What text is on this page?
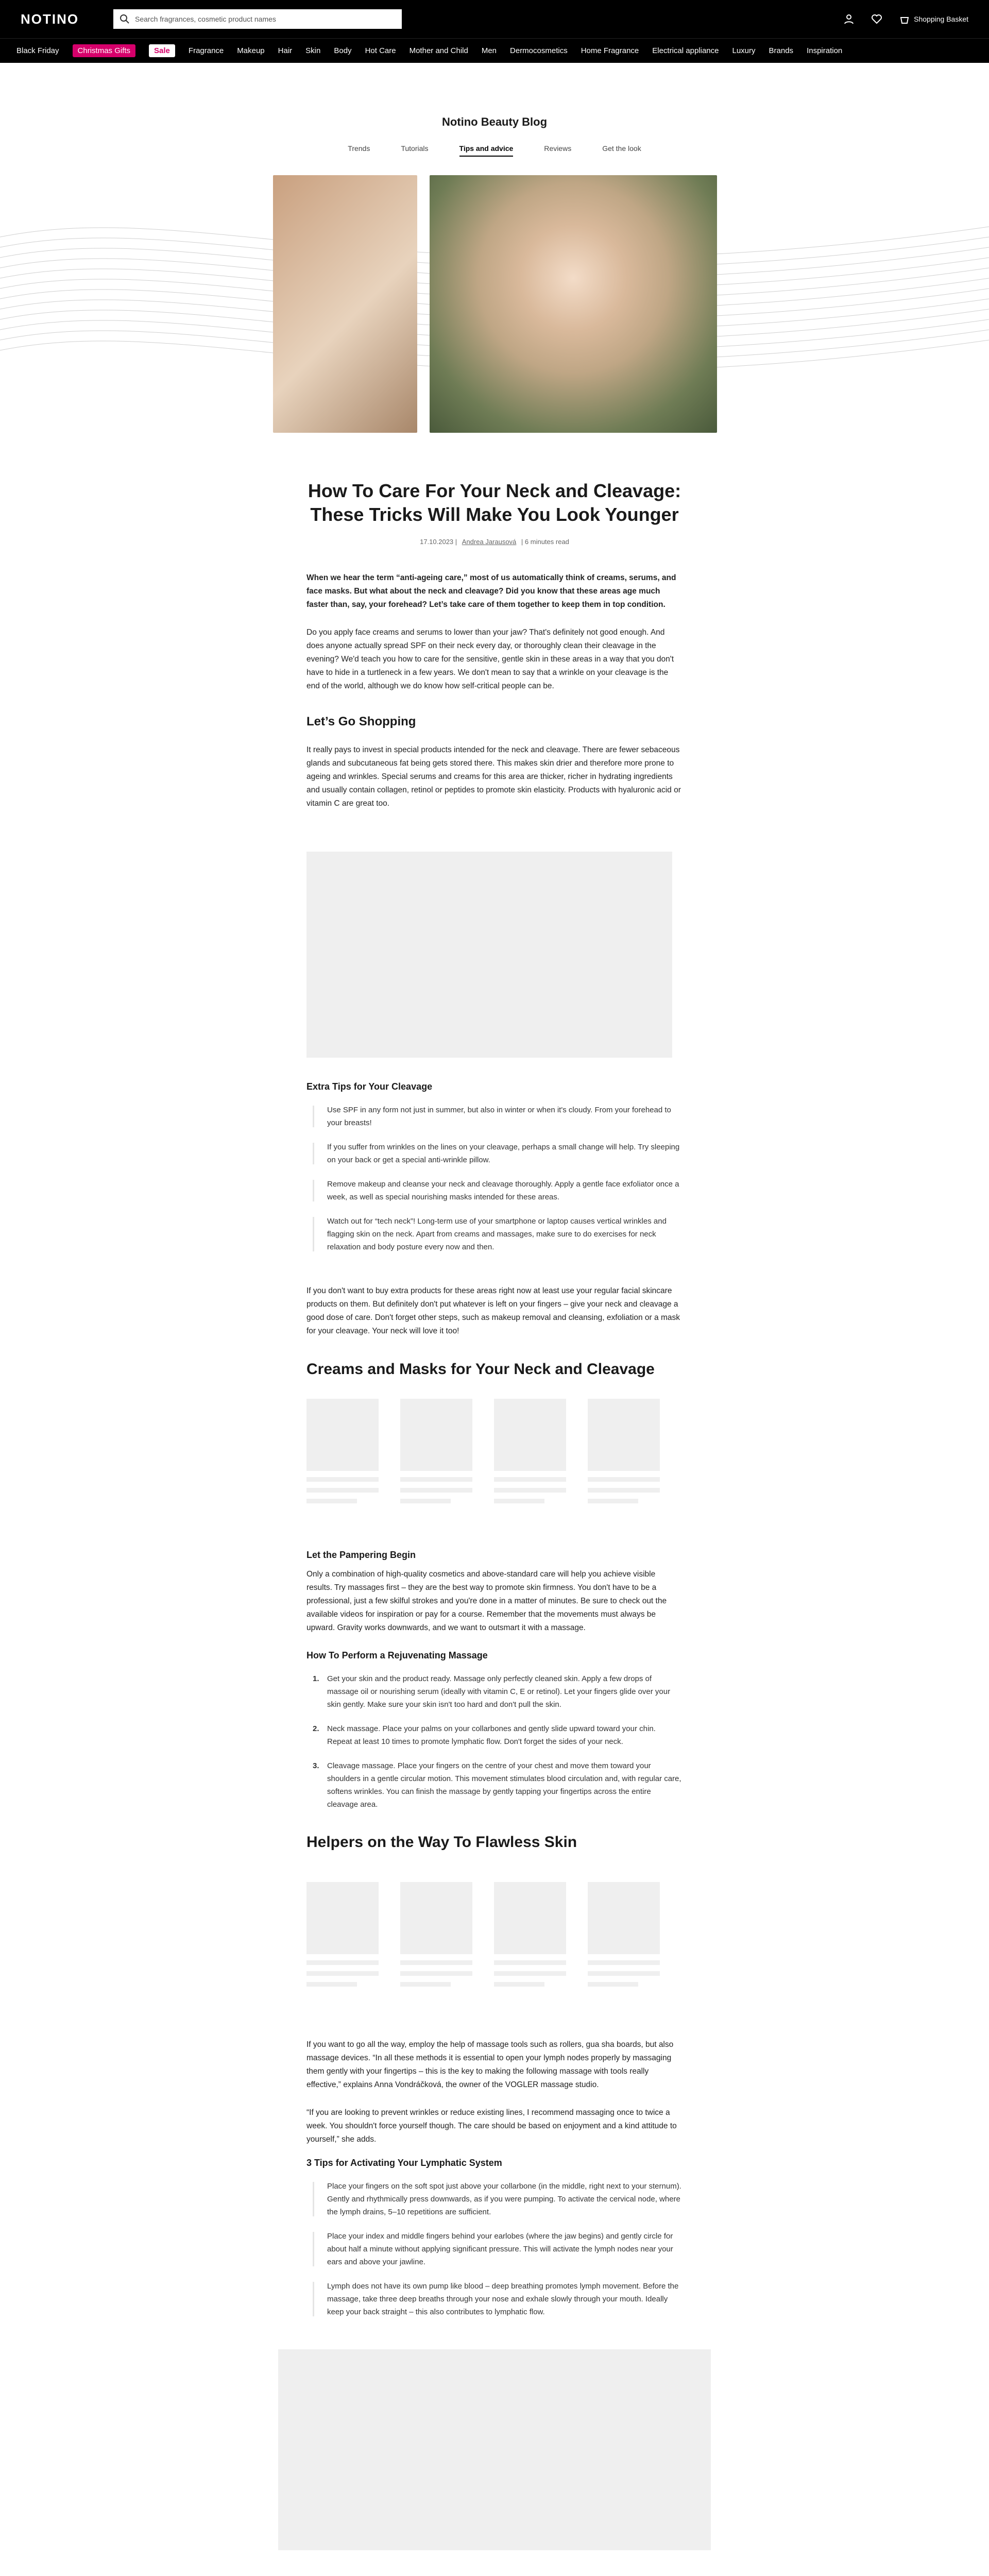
NOTINO	Search fragrances, cosmetic product names	Shopping Basket
Black Friday	Christmas Gifts	Sale	Fragrance Makeup Hair Skin Body Hot Care Mother and Child Men Dermocosmetics Home Fragrance Electrical appliance Luxury Brands Inspiration
Notino Beauty Blog
Trends	Tutorials	Tips and advice	Reviews	Get the look
How To Care For Your Neck and Cleavage: These Tricks Will Make You Look Younger
17.10.2023 | Andrea Jarausová | 6 minutes read

When we hear the term “anti-ageing care,” most of us automatically think of creams, serums, and face masks. But what about the neck and cleavage? Did you know that these areas age much faster than, say, your forehead? Let’s take care of them together to keep them in top condition.

Do you apply face creams and serums to lower than your jaw? That's definitely not good enough. And does anyone actually spread SPF on their neck every day, or thoroughly clean their cleavage in the evening? We'd teach you how to care for the sensitive, gentle skin in these areas in a way that you don't have to hide in a turtleneck in a few years. We don't mean to say that a wrinkle on your cleavage is the end of the world, although we do know how self-critical people can be.

Let’s Go Shopping

It really pays to invest in special products intended for the neck and cleavage. There are fewer sebaceous glands and subcutaneous fat being gets stored there. This makes skin drier and therefore more prone to ageing and wrinkles. Special serums and creams for this area are thicker, richer in hydrating ingredients and usually contain collagen, retinol or peptides to promote skin elasticity. Products with hyaluronic acid or vitamin C are great too.

Extra Tips for Your Cleavage
Use SPF in any form not just in summer, but also in winter or when it's cloudy. From your forehead to your breasts!
If you suffer from wrinkles on the lines on your cleavage, perhaps a small change will help. Try sleeping on your back or get a special anti-wrinkle pillow.
Remove makeup and cleanse your neck and cleavage thoroughly. Apply a gentle face exfoliator once a week, as well as special nourishing masks intended for these areas.
Watch out for “tech neck”! Long-term use of your smartphone or laptop causes vertical wrinkles and flagging skin on the neck. Apart from creams and massages, make sure to do exercises for neck relaxation and body posture every now and then.

If you don't want to buy extra products for these areas right now at least use your regular facial skincare products on them. But definitely don't put whatever is left on your fingers – give your neck and cleavage a good dose of care. Don't forget other steps, such as makeup removal and cleansing, exfoliation or a mask for your cleavage. Your neck will love it too!

Creams and Masks for Your Neck and Cleavage
Let the Pampering Begin

Only a combination of high-quality cosmetics and above-standard care will help you achieve visible results. Try massages first – they are the best way to promote skin firmness. You don't have to be a professional, just a few skilful strokes and you're done in a matter of minutes. Be sure to check out the available videos for inspiration or pay for a course. Remember that the movements must always be upward. Gravity works downwards, and we want to outsmart it with a massage.

How To Perform a Rejuvenating Massage
Get your skin and the product ready. Massage only perfectly cleaned skin. Apply a few drops of massage oil or nourishing serum (ideally with vitamin C, E or retinol). Let your fingers glide over your skin gently. Make sure your skin isn't too hard and don't pull the skin.
Neck massage. Place your palms on your collarbones and gently slide upward toward your chin. Repeat at least 10 times to promote lymphatic flow. Don't forget the sides of your neck.
Cleavage massage. Place your fingers on the centre of your chest and move them toward your shoulders in a gentle circular motion. This movement stimulates blood circulation and, with regular care, softens wrinkles. You can finish the massage by gently tapping your fingertips across the entire cleavage area.
Helpers on the Way To Flawless Skin

If you want to go all the way, employ the help of massage tools such as rollers, gua sha boards, but also massage devices. “In all these methods it is essential to open your lymph nodes properly by massaging them gently with your fingertips – this is the key to making the following massage with tools really effective,” explains Anna Vondráčková, the owner of the VOGLER massage studio.

“If you are looking to prevent wrinkles or reduce existing lines, I recommend massaging once to twice a week. You shouldn't force yourself though. The care should be based on enjoyment and a kind attitude to yourself,” she adds.

3 Tips for Activating Your Lymphatic System
Place your fingers on the soft spot just above your collarbone (in the middle, right next to your sternum). Gently and rhythmically press downwards, as if you were pumping. To activate the cervical node, where the lymph drains, 5–10 repetitions are sufficient.
Place your index and middle fingers behind your earlobes (where the jaw begins) and gently circle for about half a minute without applying significant pressure. This will activate the lymph nodes near your ears and above your jawline.
Lymph does not have its own pump like blood – deep breathing promotes lymph movement. Before the massage, take three deep breaths through your nose and exhale slowly through your mouth. Ideally keep your back straight – this also contributes to lymphatic flow.
